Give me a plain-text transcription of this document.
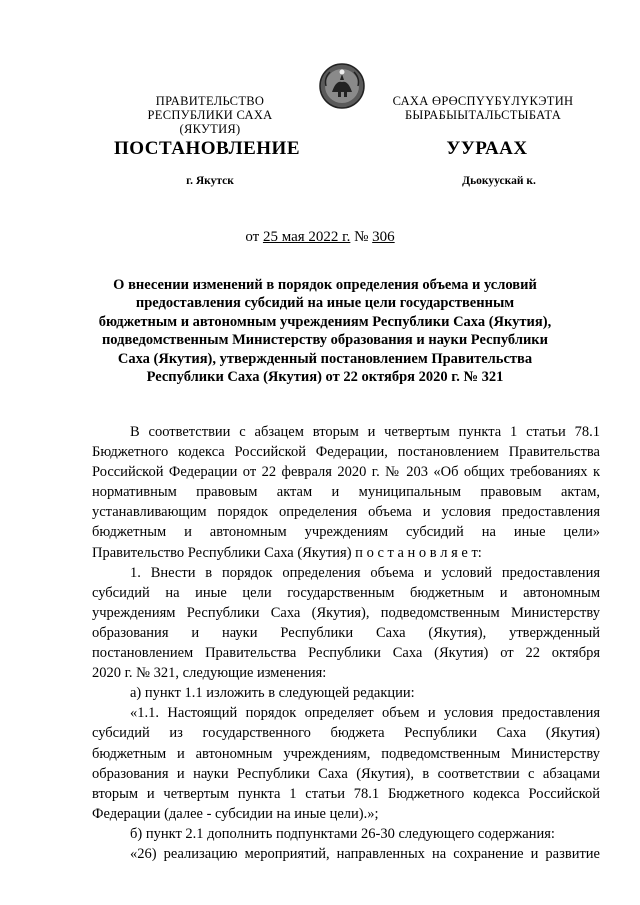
ПРАВИТЕЛЬСТВО
РЕСПУБЛИКИ САХА (ЯКУТИЯ)
САХА ӨРӨСПҮҮБҮЛҮКЭТИН
БЫРАБЫЫТАЛЬСТЫБАТА
ПОСТАНОВЛЕНИЕ	УУРААХ
г. Якутск	Дьокуускай к.
от 25 мая 2022 г. № 306
О внесении изменений в порядок определения объема и условий
предоставления субсидий на иные цели государственным
бюджетным и автономным учреждениям Республики Саха (Якутия),
подведомственным Министерству образования и науки Республики
Саха (Якутия), утвержденный постановлением Правительства
Республики Саха (Якутия) от 22 октября 2020 г. № 321
В соответствии с абзацем вторым и четвертым пункта 1 статьи 78.1
Бюджетного кодекса Российской Федерации, постановлением Правительства
Российской Федерации от 22 февраля 2020 г. № 203 «Об общих требованиях к
нормативным правовым актам и муниципальным правовым актам,
устанавливающим порядок определения объема и условия предоставления
бюджетным и автономным учреждениям субсидий на иные цели»
Правительство Республики Саха (Якутия) п о с т а н о в л я е т:
1. Внести в порядок определения объема и условий предоставления
субсидий на иные цели государственным бюджетным и автономным
учреждениям Республики Саха (Якутия), подведомственным Министерству
образования и науки Республики Саха (Якутия), утвержденный
постановлением Правительства Республики Саха (Якутия) от 22 октября
2020 г. № 321, следующие изменения:
а) пункт 1.1 изложить в следующей редакции:
«1.1. Настоящий порядок определяет объем и условия предоставления
субсидий из государственного бюджета Республики Саха (Якутия)
бюджетным и автономным учреждениям, подведомственным Министерству
образования и науки Республики Саха (Якутия), в соответствии с абзацами
вторым и четвертым пункта 1 статьи 78.1 Бюджетного кодекса Российской
Федерации (далее - субсидии на иные цели).»;
б) пункт 2.1 дополнить подпунктами 26-30 следующего содержания:
«26) реализацию мероприятий, направленных на сохранение и развитие
